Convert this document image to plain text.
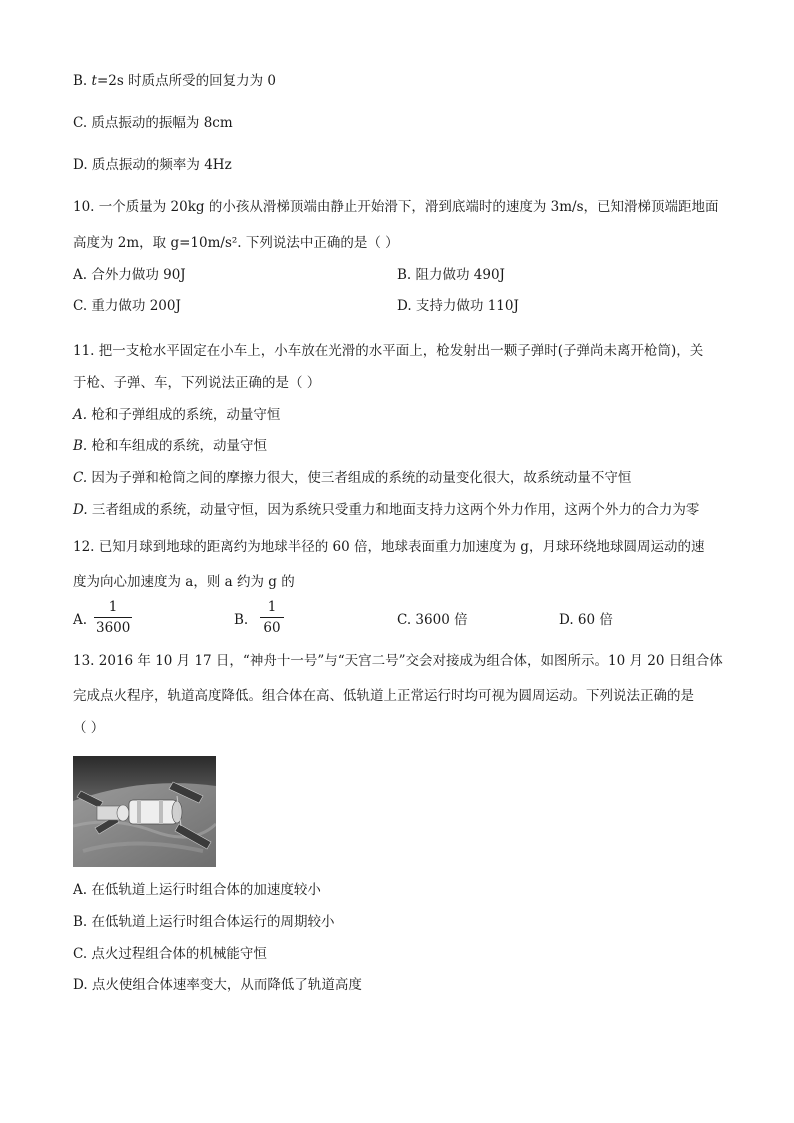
B. t=2s 时质点所受的回复力为 0
C. 质点振动的振幅为 8cm
D. 质点振动的频率为 4Hz
10. 一个质量为 20kg 的小孩从滑梯顶端由静止开始滑下，滑到底端时的速度为 3m/s，已知滑梯顶端距地面
高度为 2m，取 g=10m/s². 下列说法中正确的是（ ）
A. 合外力做功 90J	B. 阻力做功 490J
C. 重力做功 200J	D. 支持力做功 110J
11. 把一支枪水平固定在小车上，小车放在光滑的水平面上，枪发射出一颗子弹时(子弹尚未离开枪筒)，关
于枪、子弹、车，下列说法正确的是（ ）
A. 枪和子弹组成的系统，动量守恒
B. 枪和车组成的系统，动量守恒
C. 因为子弹和枪筒之间的摩擦力很大，使三者组成的系统的动量变化很大，故系统动量不守恒
D. 三者组成的系统，动量守恒，因为系统只受重力和地面支持力这两个外力作用，这两个外力的合力为零
12. 已知月球到地球的距离约为地球半径的 60 倍，地球表面重力加速度为 g，月球环绕地球圆周运动的速
度为向心加速度为 a，则 a 约为 g 的
A.
1
3600	B.
1
60	C. 3600 倍	D. 60 倍
13. 2016 年 10 月 17 日，“神舟十一号”与“天宫二号”交会对接成为组合体，如图所示。10 月 20 日组合体
完成点火程序，轨道高度降低。组合体在高、低轨道上正常运行时均可视为圆周运动。下列说法正确的是
（ ）
A. 在低轨道上运行时组合体的加速度较小
B. 在低轨道上运行时组合体运行的周期较小
C. 点火过程组合体的机械能守恒
D. 点火使组合体速率变大，从而降低了轨道高度
